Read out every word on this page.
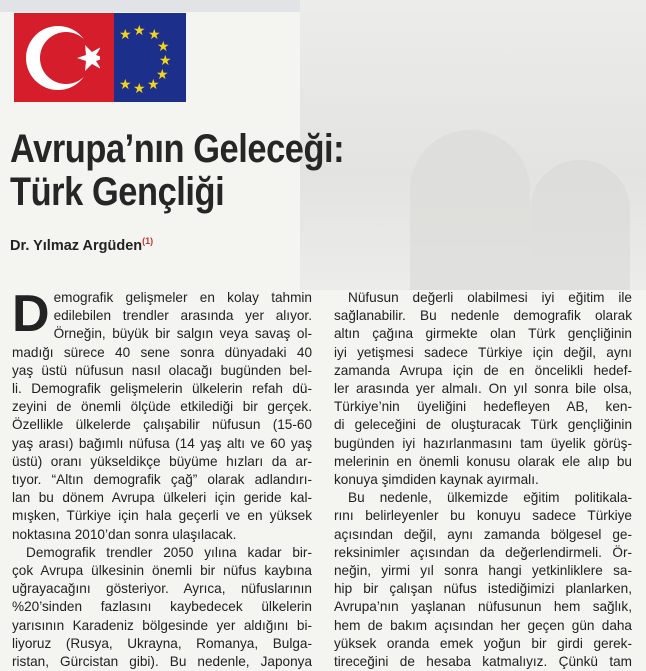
★ ★
★
★
★
★
★
★
★
Avrupa’nın Geleceği:
Türk Gençliği
Dr. Yılmaz Argüden$^{(1)}$
D emografik gelişmeler en kolay tahmin
edilebilen trendler arasında yer alıyor.
Örneğin, büyük bir salgın veya savaş ol-
madığı sürece 40 sene sonra dünyadaki 40
yaş üstü nüfusun nasıl olacağı bugünden bel-
li. Demografik gelişmelerin ülkelerin refah dü-
zeyini de önemli ölçüde etkilediği bir gerçek.
Özellikle ülkelerde çalışabilir nüfusun (15-60
yaş arası) bağımlı nüfusa (14 yaş altı ve 60 yaş
üstü) oranı yükseldikçe büyüme hızları da ar-
tıyor. “Altın demografik çağ” olarak adlandırı-
lan bu dönem Avrupa ülkeleri için geride kal-
mışken, Türkiye için hala geçerli ve en yüksek
noktasına 2010’dan sonra ulaşılacak.
Demografik trendler 2050 yılına kadar bir-
çok Avrupa ülkesinin önemli bir nüfus kaybına
uğrayacağını gösteriyor. Ayrıca, nüfuslarının
%20’sinden fazlasını kaybedecek ülkelerin
yarısının Karadeniz bölgesinde yer aldığını bi-
liyoruz (Rusya, Ukrayna, Romanya, Bulga-
ristan, Gürcistan gibi). Bu nedenle, Japonya
Nüfusun değerli olabilmesi iyi eğitim ile
sağlanabilir. Bu nedenle demografik olarak
altın çağına girmekte olan Türk gençliğinin
iyi yetişmesi sadece Türkiye için değil, aynı
zamanda Avrupa için de en öncelikli hedef-
ler arasında yer almalı. On yıl sonra bile olsa,
Türkiye’nin üyeliğini hedefleyen AB, ken-
di geleceğini de oluşturacak Türk gençliğinin
bugünden iyi hazırlanmasını tam üyelik görüş-
melerinin en önemli konusu olarak ele alıp bu
konuya şimdiden kaynak ayırmalı.
Bu nedenle, ülkemizde eğitim politikala-
rını belirleyenler bu konuyu sadece Türkiye
açısından değil, aynı zamanda bölgesel ge-
reksinimler açısından da değerlendirmeli. Ör-
neğin, yirmi yıl sonra hangi yetkinliklere sa-
hip bir çalışan nüfus istediğimizi planlarken,
Avrupa’nın yaşlanan nüfusunun hem sağlık,
hem de bakım açısından her geçen gün daha
yüksek oranda emek yoğun bir girdi gerek-
tireceğini de hesaba katmalıyız. Çünkü tam
